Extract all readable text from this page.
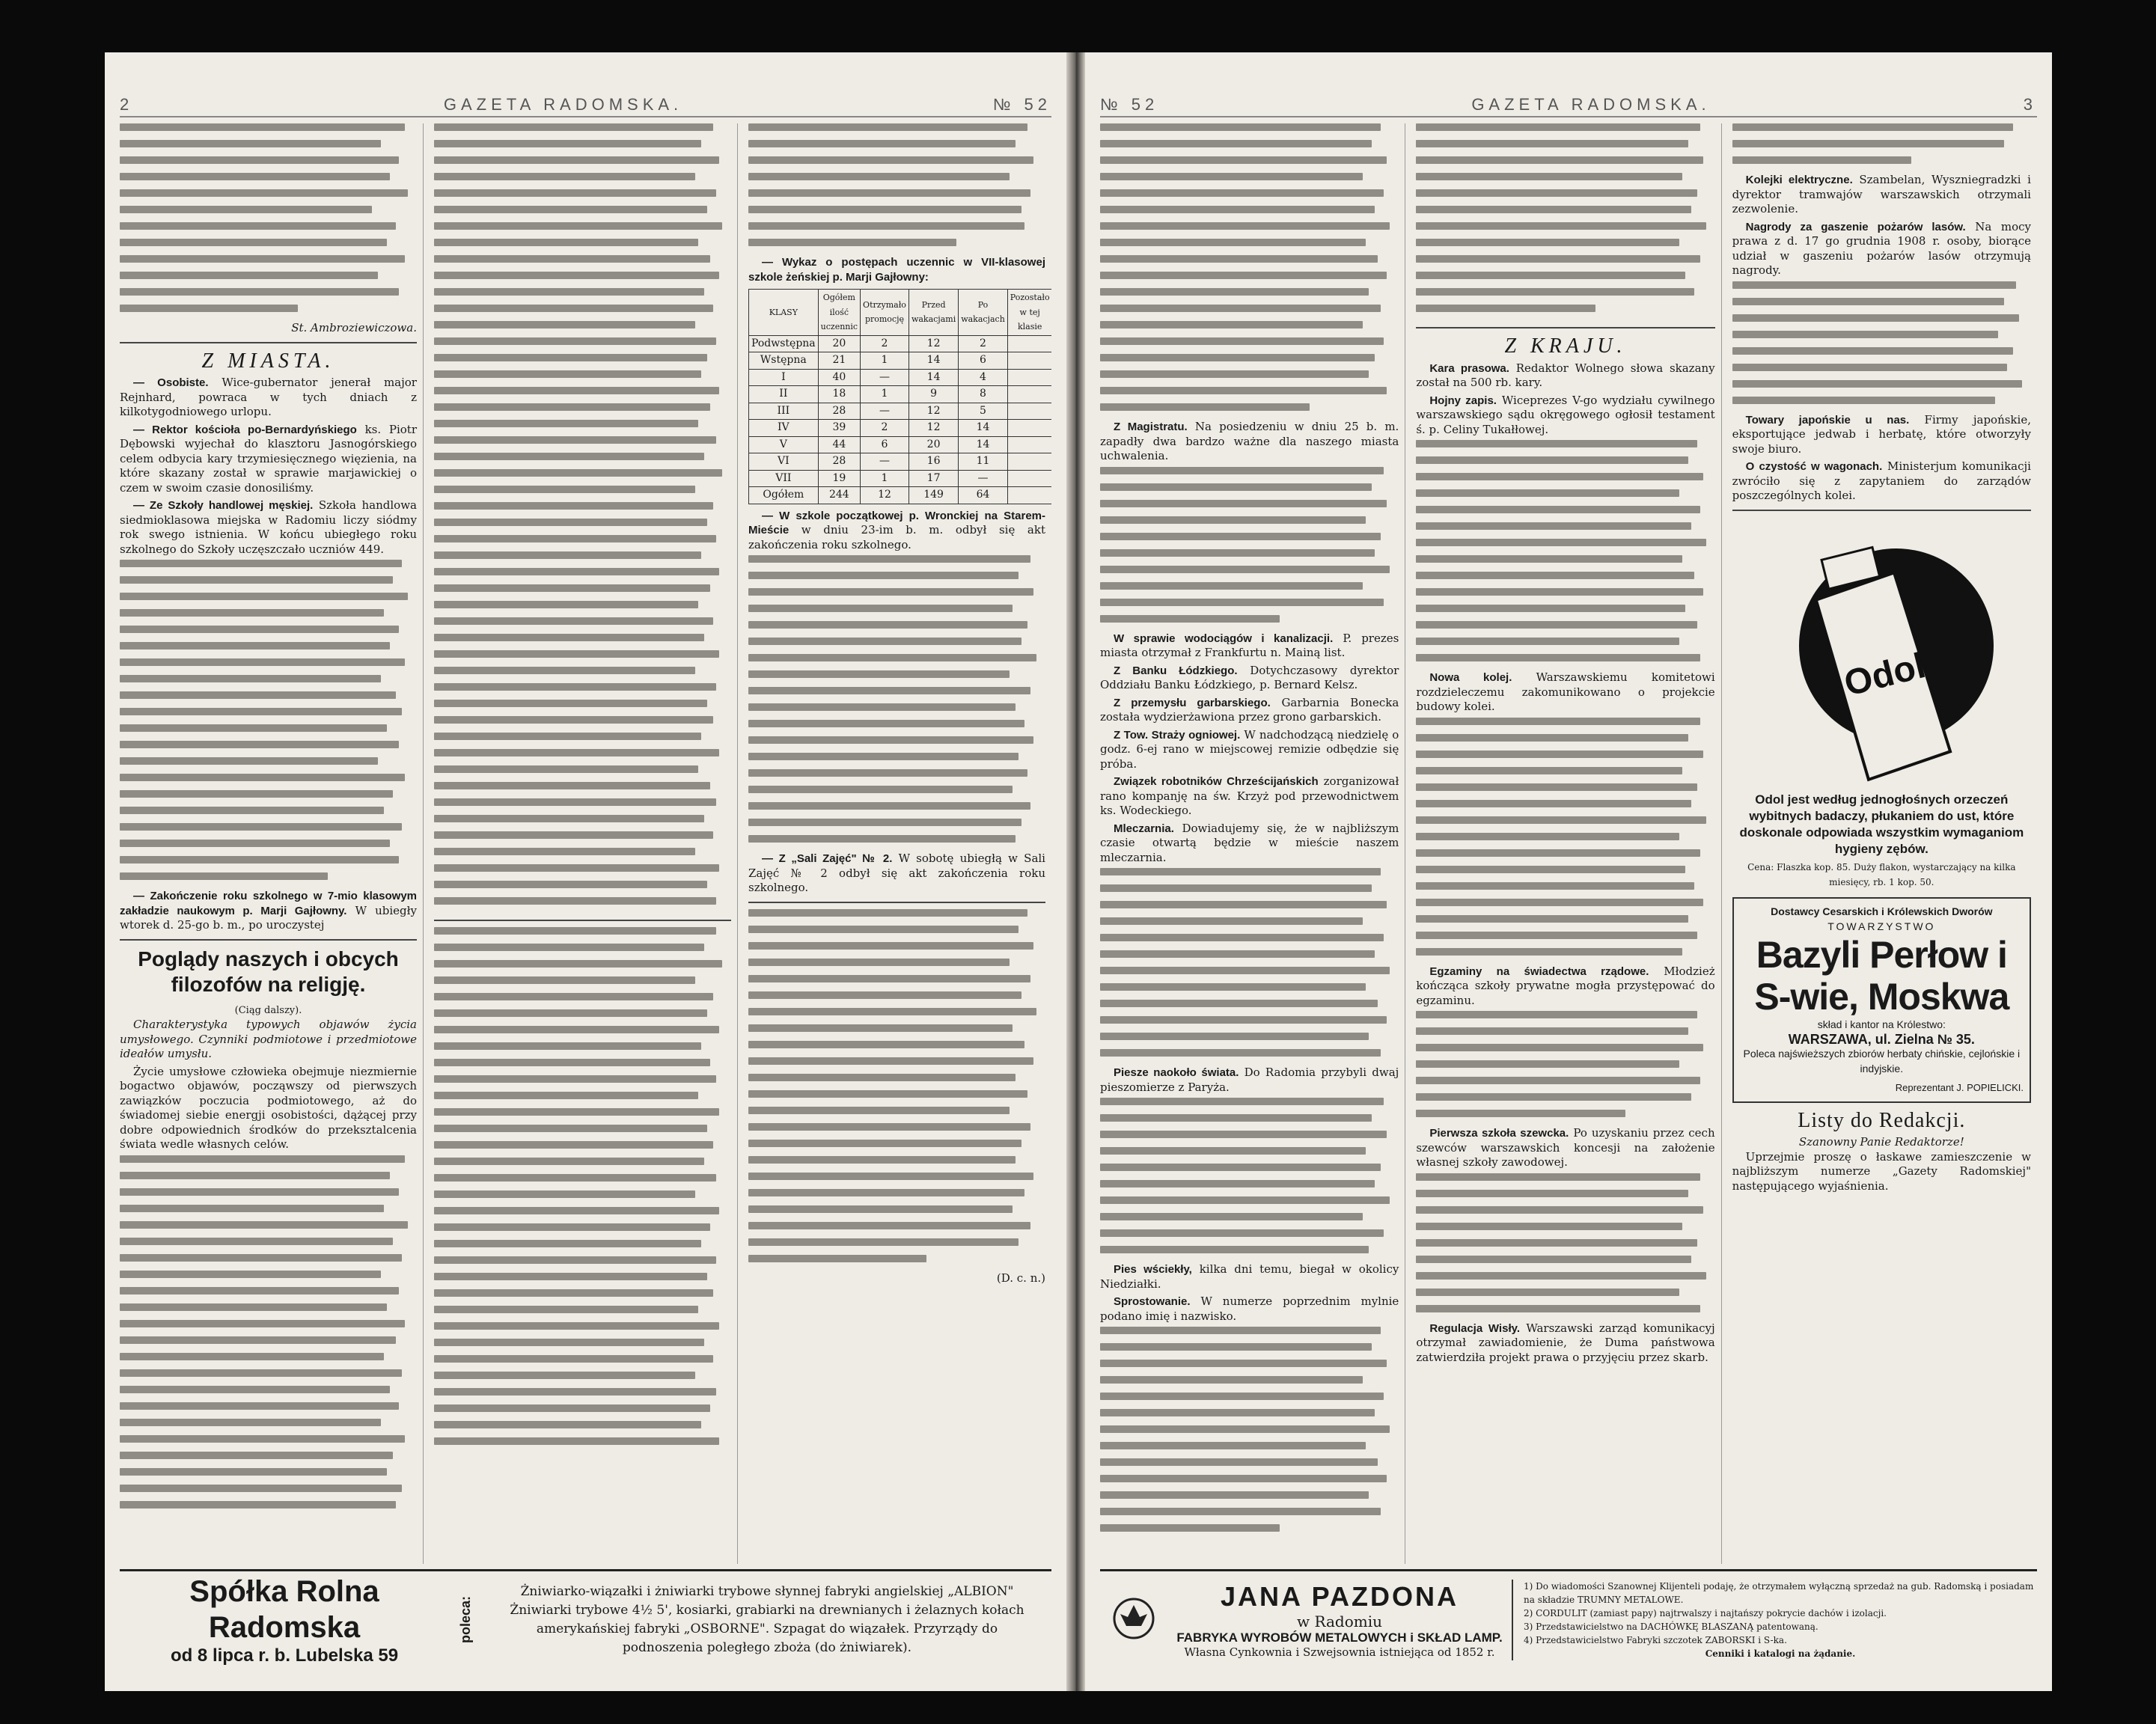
2	GAZETA RADOMSKA.	№ 52
St. Ambroziewiczowa.
Z MIASTA.

— Osobiste. Wice-gubernator jenerał major Rejnhard, powraca w tych dniach z kilkotygodniowego urlopu.

— Rektor kościoła po-Bernardyńskiego ks. Piotr Dębowski wyjechał do klasztoru Jasnogórskiego celem odbycia kary trzymiesięcznego więzienia, na które skazany został w sprawie marjawickiej o czem w swoim czasie donosiliśmy.

— Ze Szkoły handlowej męskiej. Szkoła handlowa siedmioklasowa miejska w Radomiu liczy siódmy rok swego istnienia. W końcu ubiegłego roku szkolnego do Szkoły uczęszczało uczniów 449.

— Zakończenie roku szkolnego w 7-mio klasowym zakładzie naukowym p. Marji Gajłowny. W ubiegły wtorek d. 25-go b. m., po uroczystej

Poglądy naszych i obcych filozofów na religję.
(Ciąg dalszy).

Charakterystyka typowych objawów życia umysłowego. Czynniki podmiotowe i przedmiotowe ideałów umysłu.

Życie umysłowe człowieka obejmuje niezmiernie bogactwo objawów, począwszy od pierwszych zawiązków poczucia podmiotowego, aż do świadomej siebie energji osobistości, dążącej przy dobre odpowiednich środków do przeksztalcenia świata wedle własnych celów.

— Wykaz o postępach uczennic w VII-klasowej szkole żeńskiej p. Marji Gajłowny:

KLASY	Ogółem ilość uczennic	Otrzymało promocję	Przed wakacjami	Po wakacjach	Pozostało w tej klasie
Podwstępna	20	2	12	2	
Wstępna	21	1	14	6	
I	40	—	14	4	
II	18	1	9	8	
III	28	—	12	5	
IV	39	2	12	14	
V	44	6	20	14	
VI	28	—	16	11	
VII	19	1	17	—	
Ogółem	244	12	149	64	

— W szkole początkowej p. Wronckiej na Starem-Mieście w dniu 23-im b. m. odbył się akt zakończenia roku szkolnego.

— Z „Sali Zajęć" № 2. W sobotę ubiegłą w Sali Zajęć № 2 odbył się akt zakończenia roku szkolnego.

(D. c. n.)
Spółka Rolna Radomska
od 8 lipca r. b. Lubelska 59
poleca:
Żniwiarko-wiązałki i żniwiarki trybowe słynnej fabryki angielskiej „ALBION"
Żniwiarki trybowe 4½ 5', kosiarki, grabiarki na drewnianych i żelaznych kołach
amerykańskiej fabryki „OSBORNE". Szpagat do wiązałek. Przyrządy do
podnoszenia poległego zboża (do żniwiarek).
№ 52	GAZETA RADOMSKA.	3

Z Magistratu. Na posiedzeniu w dniu 25 b. m. zapadły dwa bardzo ważne dla naszego miasta uchwalenia.

W sprawie wodociągów i kanalizacji. P. prezes miasta otrzymał z Frankfurtu n. Mainą list.

Z Banku Łódzkiego. Dotychczasowy dyrektor Oddziału Banku Łódzkiego, p. Bernard Kelsz.

Z przemysłu garbarskiego. Garbarnia Bonecka została wydzierżawiona przez grono garbarskich.

Z Tow. Straży ogniowej. W nadchodzącą niedzielę o godz. 6-ej rano w miejscowej remizie odbędzie się próba.

Związek robotników Chrześcijańskich zorganizował rano kompanję na św. Krzyż pod przewodnictwem ks. Wodeckiego.

Mleczarnia. Dowiadujemy się, że w najbliższym czasie otwartą będzie w mieście naszem mleczarnia.

Piesze naokoło świata. Do Radomia przybyli dwaj pieszomierze z Paryża.

Pies wściekły, kilka dni temu, biegał w okolicy Niedziałki.

Sprostowanie. W numerze poprzednim mylnie podano imię i nazwisko.

Z KRAJU.

Kara prasowa. Redaktor Wolnego słowa skazany został na 500 rb. kary.

Hojny zapis. Wiceprezes V-go wydziału cywilnego warszawskiego sądu okręgowego ogłosił testament ś. p. Celiny Tukałłowej.

Nowa kolej. Warszawskiemu komitetowi rozdzieleczemu zakomunikowano o projekcie budowy kolei.

Egzaminy na świadectwa rządowe. Młodzież kończąca szkoły prywatne mogła przystępować do egzaminu.

Pierwsza szkoła szewcka. Po uzyskaniu przez cech szewców warszawskich koncesji na założenie własnej szkoły zawodowej.

Regulacja Wisły. Warszawski zarząd komunikacyj otrzymał zawiadomienie, że Duma państwowa zatwierdziła projekt prawa o przyjęciu przez skarb.

Kolejki elektryczne. Szambelan, Wyszniegradzki i dyrektor tramwajów warszawskich otrzymali zezwolenie.

Nagrody za gaszenie pożarów lasów. Na mocy prawa z d. 17 go grudnia 1908 r. osoby, biorące udział w gaszeniu pożarów lasów otrzymują nagrody.

Towary japońskie u nas. Firmy japońskie, eksportujące jedwab i herbatę, które otworzyły swoje biuro.

O czystość w wagonach. Ministerjum komunikacji zwróciło się z zapytaniem do zarządów poszczególnych kolei.

Odol
Odol jest według jednogłośnych orzeczeń wybitnych badaczy, płukaniem do ust, które doskonale odpowiada wszystkim wymaganiom hygieny zębów.
Cena: Flaszka kop. 85. Duży flakon, wystarczający na kilka miesięcy, rb. 1 kop. 50.
Dostawcy Cesarskich i Królewskich Dworów
TOWARZYSTWO
Bazyli Perłow i S-wie, Moskwa
skład i kantor na Królestwo:
WARSZAWA, ul. Zielna № 35.
Poleca najświeższych zbiorów herbaty chińskie, cejlońskie i indyjskie.
Reprezentant J. POPIELICKI.
Listy do Redakcji.
Szanowny Panie Redaktorze!

Uprzejmie proszę o łaskawe zamieszczenie w najbliższym numerze „Gazety Radomskiej" następującego wyjaśnienia.

JANA PAZDONA
w Radomiu
FABRYKA WYROBÓW METALOWYCH i SKŁAD LAMP.
Własna Cynkownia i Szwejsownia istniejąca od 1852 r.
1) Do wiadomości Szanownej Klijenteli podaję, że otrzymałem wyłączną sprzedaż na gub. Radomską i posiadam na składzie TRUMNY METALOWE.
2) CORDULIT (zamiast papy) najtrwalszy i najtańszy pokrycie dachów i izolacji.
3) Przedstawicielstwo na DACHÓWKĘ BLASZANĄ patentowaną.
4) Przedstawicielstwo Fabryki szczotek ZABORSKI i S-ka.
Cenniki i katalogi na żądanie.
